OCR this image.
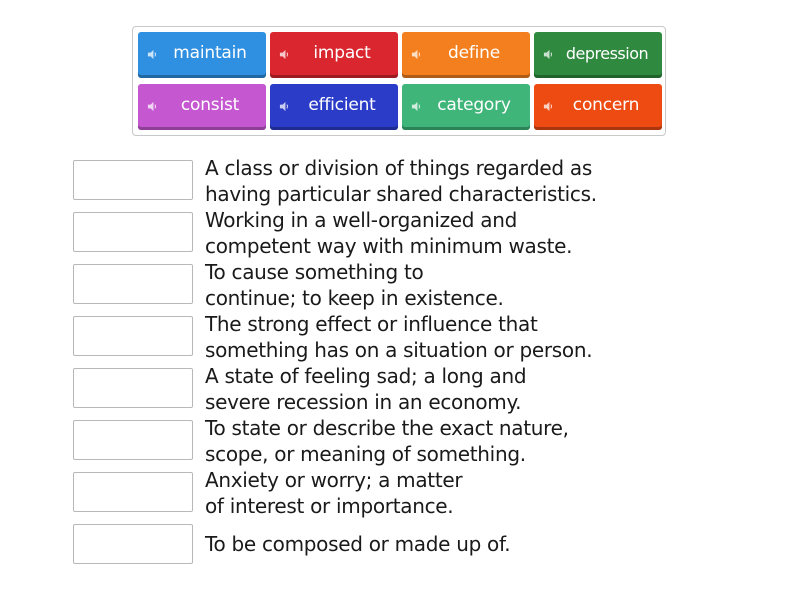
maintain	impact	define	depression
consist	efficient	category	concern
A class or division of things regarded as
having particular shared characteristics.
Working in a well-organized and
competent way with minimum waste.
To cause something to
continue; to keep in existence.
The strong effect or influence that
something has on a situation or person.
A state of feeling sad; a long and
severe recession in an economy.
To state or describe the exact nature,
scope, or meaning of something.
Anxiety or worry; a matter
of interest or importance.
To be composed or made up of.
